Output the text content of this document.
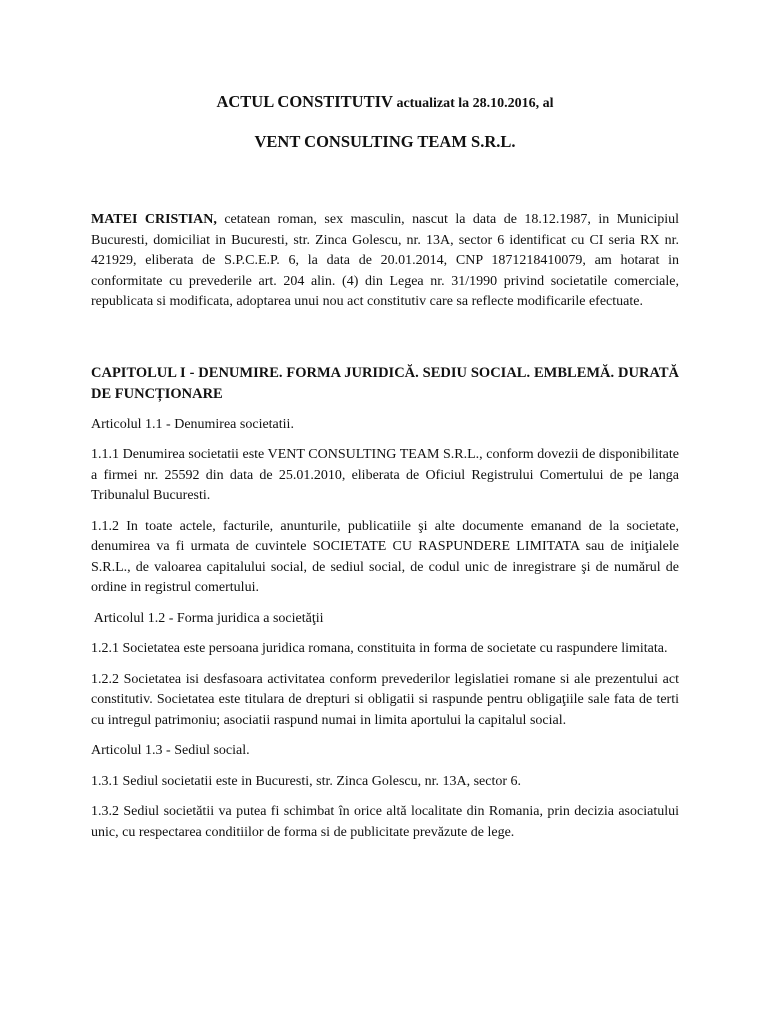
ACTUL CONSTITUTIV actualizat la 28.10.2016, al
VENT CONSULTING TEAM S.R.L.

MATEI CRISTIAN, cetatean roman, sex masculin, nascut la data de 18.12.1987, in Municipiul Bucuresti, domiciliat in Bucuresti, str. Zinca Golescu, nr. 13A, sector 6 identificat cu CI seria RX nr. 421929, eliberata de S.P.C.E.P. 6, la data de 20.01.2014, CNP 1871218410079, am hotarat in conformitate cu prevederile art. 204 alin. (4) din Legea nr. 31/1990 privind societatile comerciale, republicata si modificata, adoptarea unui nou act constitutiv care sa reflecte modificarile efectuate.

CAPITOLUL I - DENUMIRE. FORMA JURIDICĂ. SEDIU SOCIAL. EMBLEMĂ. DURATĂ DE FUNCȚIONARE

Articolul 1.1 - Denumirea societatii.

1.1.1 Denumirea societatii este VENT CONSULTING TEAM S.R.L., conform dovezii de disponibilitate a firmei nr. 25592 din data de 25.01.2010, eliberata de Oficiul Registrului Comertului de pe langa Tribunalul Bucuresti.

1.1.2 In toate actele, facturile, anunturile, publicatiile şi alte documente emanand de la societate, denumirea va fi urmata de cuvintele SOCIETATE CU RASPUNDERE LIMITATA sau de iniţialele S.R.L., de valoarea capitalului social, de sediul social, de codul unic de inregistrare şi de numărul de ordine in registrul comertului.

Articolul 1.2 - Forma juridica a societăţii

1.2.1 Societatea este persoana juridica romana, constituita in forma de societate cu raspundere limitata.

1.2.2 Societatea isi desfasoara activitatea conform prevederilor legislatiei romane si ale prezentului act constitutiv. Societatea este titulara de drepturi si obligatii si raspunde pentru obligaţiile sale fata de terti cu intregul patrimoniu; asociatii raspund numai in limita aportului la capitalul social.

Articolul 1.3 - Sediul social.

1.3.1 Sediul societatii este in Bucuresti, str. Zinca Golescu, nr. 13A, sector 6.

1.3.2 Sediul societătii va putea fi schimbat în orice altă localitate din Romania, prin decizia asociatului unic, cu respectarea conditiilor de forma si de publicitate prevăzute de lege.
